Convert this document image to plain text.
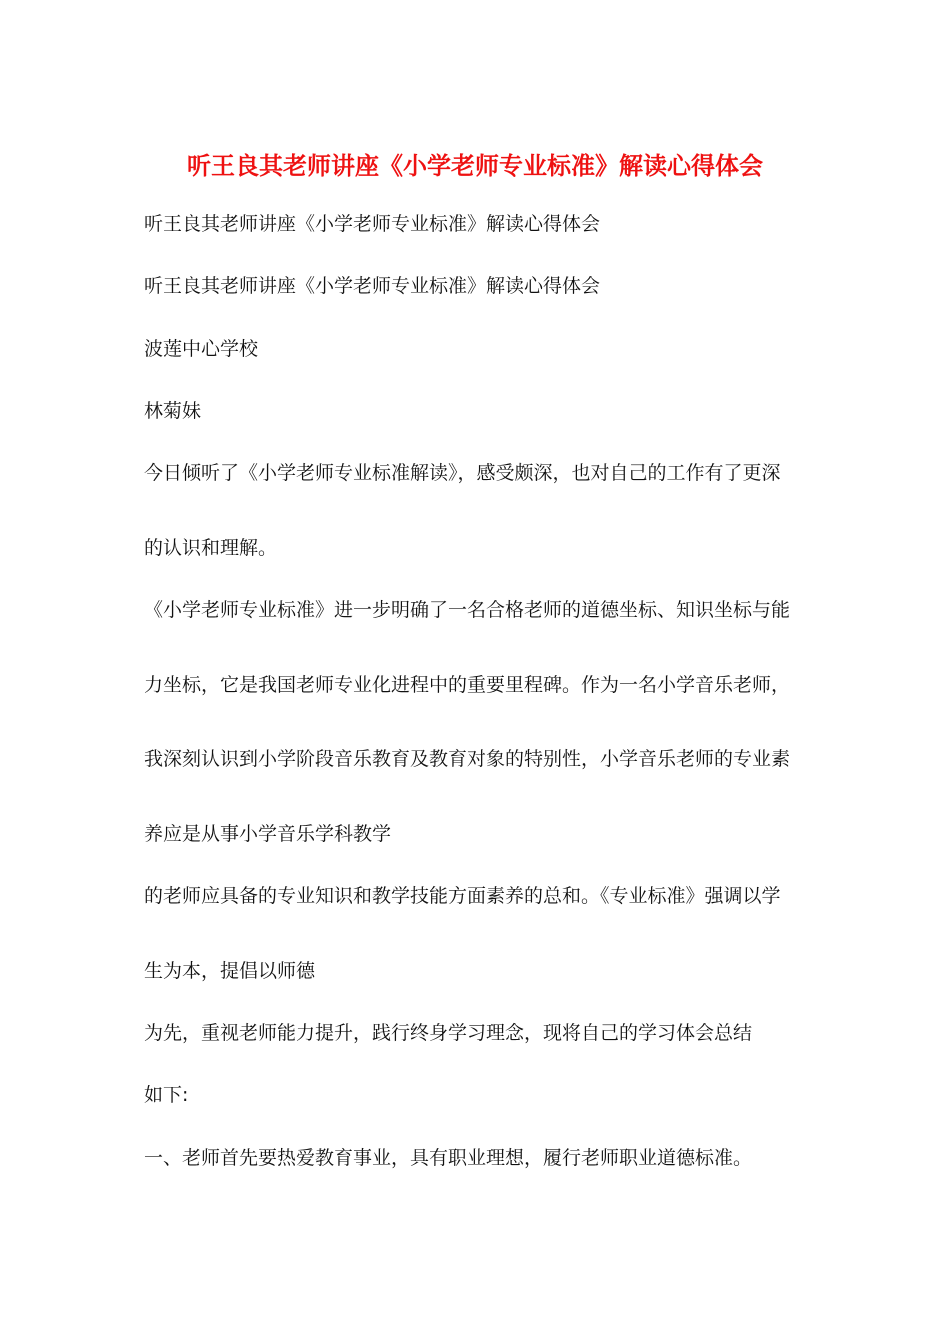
听王良其老师讲座《小学老师专业标准》解读心得体会
听王良其老师讲座《小学老师专业标准》解读心得体会
听王良其老师讲座《小学老师专业标准》解读心得体会
波莲中心学校
林菊妹
今日倾听了《小学老师专业标准解读》，感受颇深，也对自己的工作有了更深
的认识和理解。
《小学老师专业标准》进一步明确了一名合格老师的道德坐标、知识坐标与能
力坐标，它是我国老师专业化进程中的重要里程碑。作为一名小学音乐老师，
我深刻认识到小学阶段音乐教育及教育对象的特别性，小学音乐老师的专业素
养应是从事小学音乐学科教学
的老师应具备的专业知识和教学技能方面素养的总和。《专业标准》强调以学
生为本，提倡以师德
为先，重视老师能力提升，践行终身学习理念，现将自己的学习体会总结
如下:
一、老师首先要热爱教育事业，具有职业理想，履行老师职业道德标准。
